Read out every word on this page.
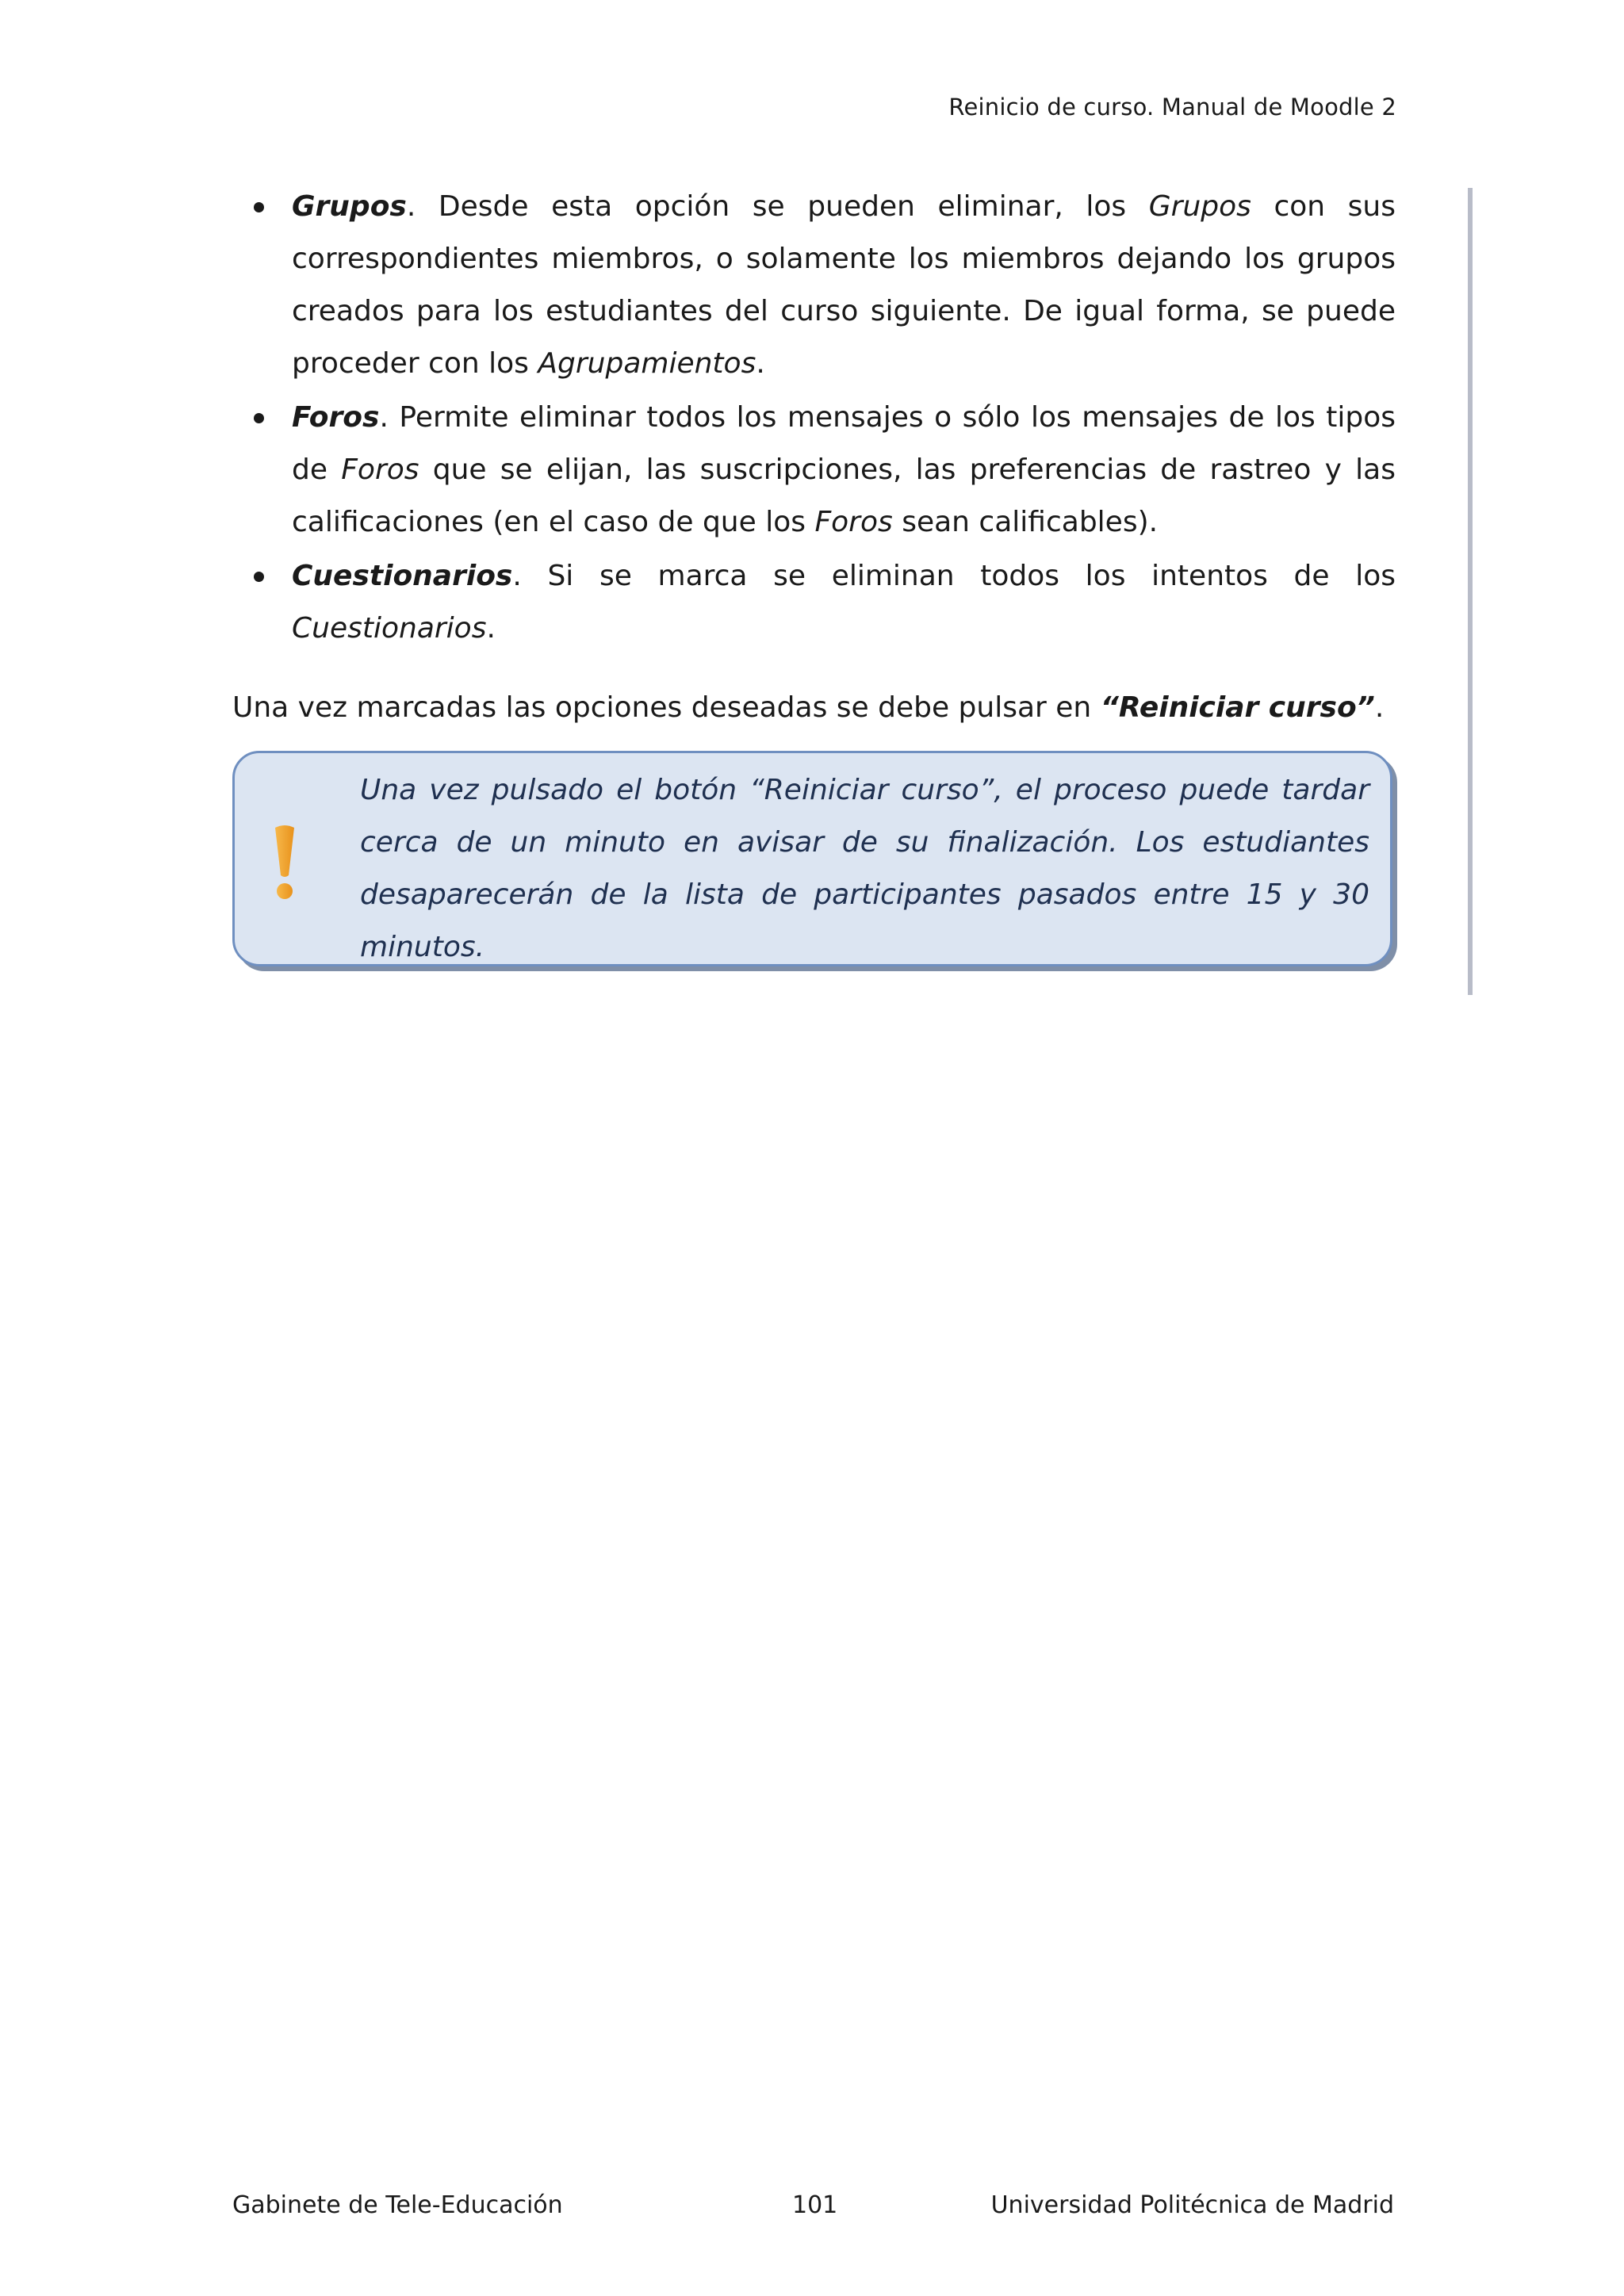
Reinicio de curso. Manual de Moodle 2
Grupos. Desde esta opción se pueden eliminar, los Grupos con sus correspondientes miembros, o solamente los miembros dejando los grupos creados para los estudiantes del curso siguiente. De igual forma, se puede proceder con los Agrupamientos.
Foros. Permite eliminar todos los mensajes o sólo los mensajes de los tipos de Foros que se elijan, las suscripciones, las preferencias de rastreo y las calificaciones (en el caso de que los Foros sean calificables).
Cuestionarios. Si se marca se eliminan todos los intentos de los Cuestionarios.

Una vez marcadas las opciones deseadas se debe pulsar en “Reiniciar curso”.

Una vez pulsado el botón “Reiniciar curso”, el proceso puede tardar cerca de un minuto en avisar de su finalización. Los estudiantes desaparecerán de la lista de participantes pasados entre 15 y 30 minutos.
Gabinete de Tele-Educación	101	Universidad Politécnica de Madrid
